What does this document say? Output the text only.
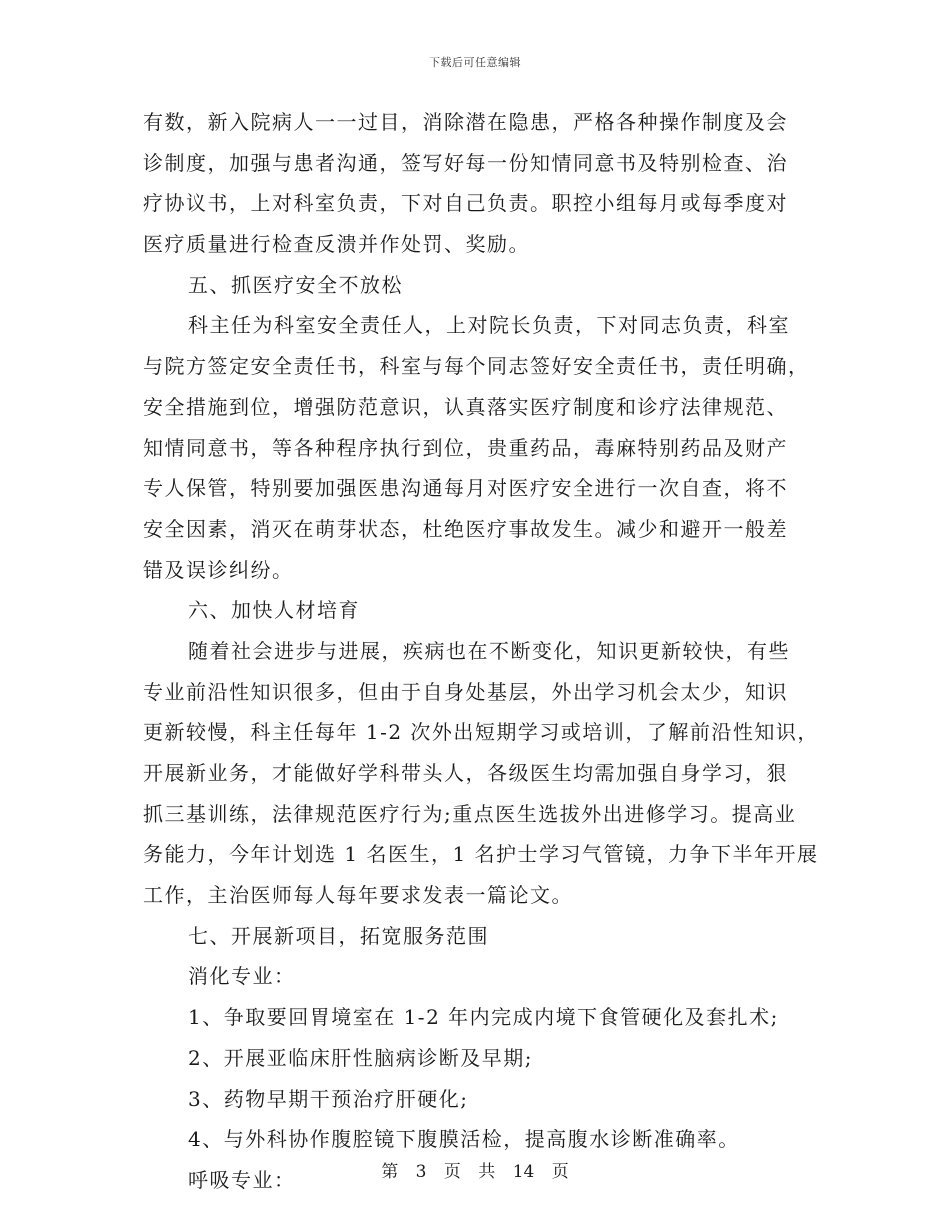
下载后可任意编辑
有数，新入院病人一一过目，消除潜在隐患，严格各种操作制度及会
诊制度，加强与患者沟通，签写好每一份知情同意书及特别检查、治
疗协议书，上对科室负责，下对自己负责。职控小组每月或每季度对
医疗质量进行检查反溃并作处罚、奖励。
五、抓医疗安全不放松
科主任为科室安全责任人，上对院长负责，下对同志负责，科室
与院方签定安全责任书，科室与每个同志签好安全责任书，责任明确，
安全措施到位，增强防范意识，认真落实医疗制度和诊疗法律规范、
知情同意书，等各种程序执行到位，贵重药品，毒麻特别药品及财产
专人保管，特别要加强医患沟通每月对医疗安全进行一次自查，将不
安全因素，消灭在萌芽状态，杜绝医疗事故发生。减少和避开一般差
错及误诊纠纷。
六、加快人材培育
随着社会进步与进展，疾病也在不断变化，知识更新较快，有些
专业前沿性知识很多，但由于自身处基层，外出学习机会太少，知识
更新较慢，科主任每年 1-2 次外出短期学习或培训，了解前沿性知识，
开展新业务，才能做好学科带头人，各级医生均需加强自身学习，狠
抓三基训练，法律规范医疗行为;重点医生选拔外出进修学习。提高业
务能力，今年计划选 1 名医生，1 名护士学习气管镜，力争下半年开展
工作，主治医师每人每年要求发表一篇论文。
七、开展新项目，拓宽服务范围
消化专业：
1、争取要回胃境室在 1-2 年内完成内境下食管硬化及套扎术;
2、开展亚临床肝性脑病诊断及早期;
3、药物早期干预治疗肝硬化;
4、与外科协作腹腔镜下腹膜活检，提高腹水诊断准确率。
呼吸专业：	第 3 页 共 14 页
